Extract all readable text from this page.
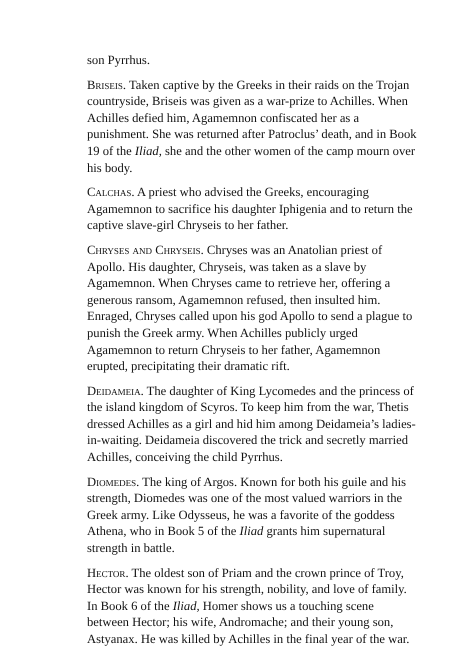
son Pyrrhus.

Briseis. Taken captive by the Greeks in their raids on the Trojan countryside, Briseis was given as a war-prize to Achilles. When Achilles defied him, Agamemnon confiscated her as a punishment. She was returned after Patroclus’ death, and in Book 19 of the Iliad, she and the other women of the camp mourn over his body.

Calchas. A priest who advised the Greeks, encouraging Agamemnon to sacrifice his daughter Iphigenia and to return the captive slave-girl Chryseis to her father.

Chryses and Chryseis. Chryses was an Anatolian priest of Apollo. His daughter, Chryseis, was taken as a slave by Agamemnon. When Chryses came to retrieve her, offering a generous ransom, Agamemnon refused, then insulted him. Enraged, Chryses called upon his god Apollo to send a plague to punish the Greek army. When Achilles publicly urged Agamemnon to return Chryseis to her father, Agamemnon erupted, precipitating their dramatic rift.

Deidameia. The daughter of King Lycomedes and the princess of the island kingdom of Scyros. To keep him from the war, Thetis dressed Achilles as a girl and hid him among Deidameia’s ladies-in-waiting. Deidameia discovered the trick and secretly married Achilles, conceiving the child Pyrrhus.

Diomedes. The king of Argos. Known for both his guile and his strength, Diomedes was one of the most valued warriors in the Greek army. Like Odysseus, he was a favorite of the goddess Athena, who in Book 5 of the Iliad grants him supernatural strength in battle.

Hector. The oldest son of Priam and the crown prince of Troy, Hector was known for his strength, nobility, and love of family. In Book 6 of the Iliad, Homer shows us a touching scene between Hector; his wife, Andromache; and their young son, Astyanax. He was killed by Achilles in the final year of the war.
